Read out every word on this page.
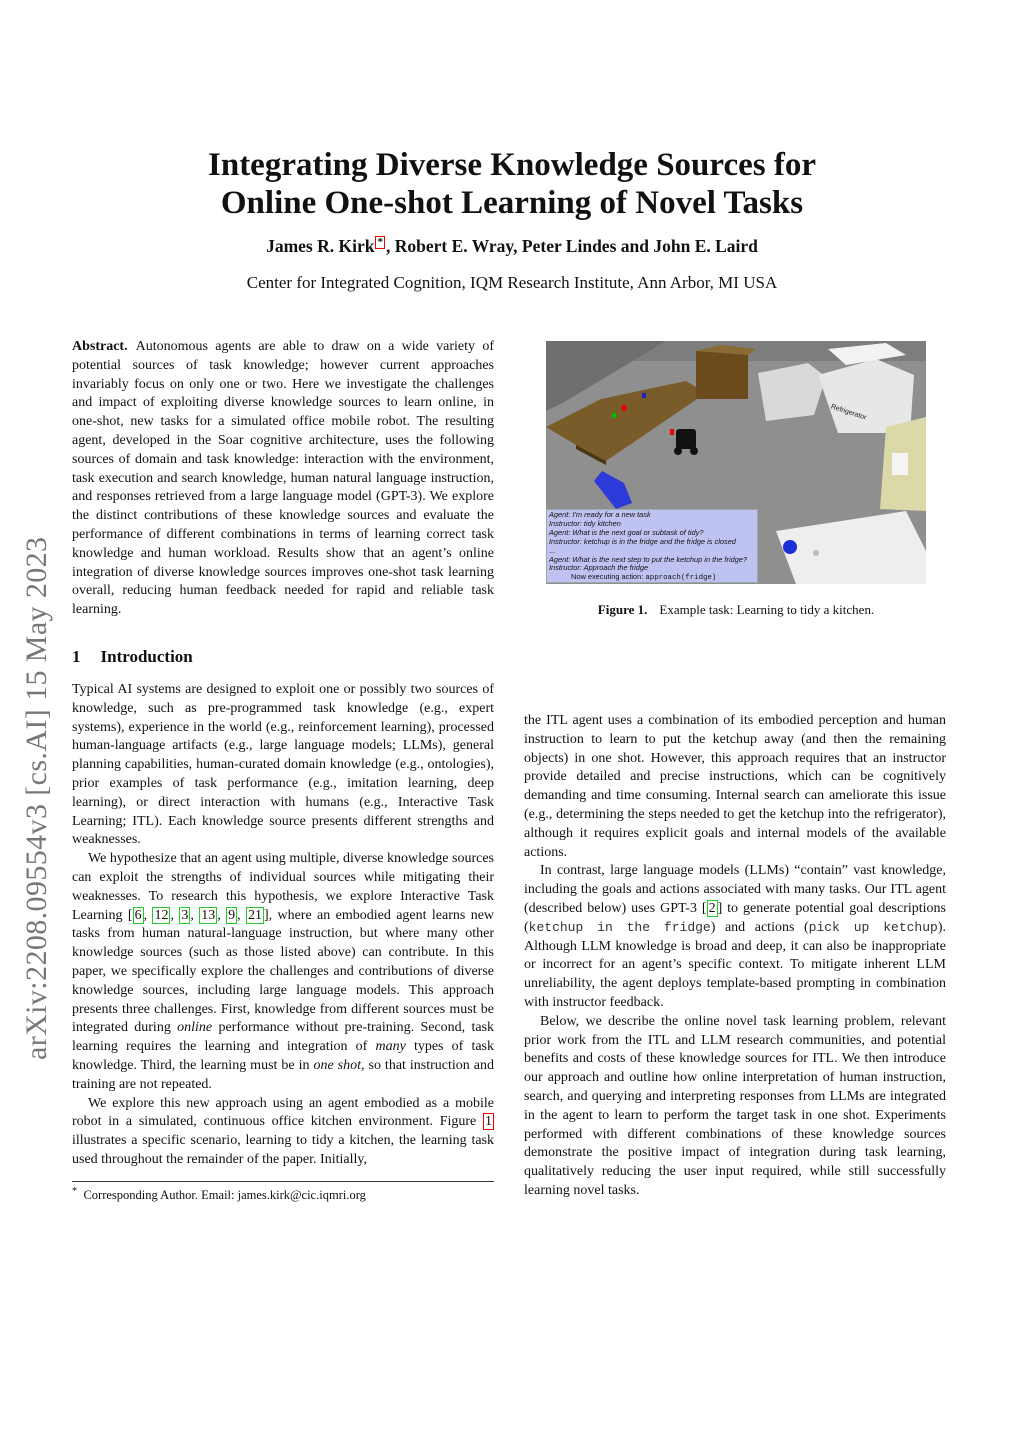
Integrating Diverse Knowledge Sources for
Online One-shot Learning of Novel Tasks
James R. Kirk * , Robert E. Wray, Peter Lindes and John E. Laird
Center for Integrated Cognition, IQM Research Institute, Ann Arbor, MI USA
arXiv:2208.09554v3 [cs.AI] 15 May 2023

Abstract. Autonomous agents are able to draw on a wide variety of potential sources of task knowledge; however current approaches invariably focus on only one or two. Here we investigate the challenges and impact of exploiting diverse knowledge sources to learn online, in one-shot, new tasks for a simulated office mobile robot. The resulting agent, developed in the Soar cognitive architecture, uses the following sources of domain and task knowledge: interaction with the environment, task execution and search knowledge, human natural language instruction, and responses retrieved from a large language model (GPT-3). We explore the distinct contributions of these knowledge sources and evaluate the performance of different combinations in terms of learning correct task knowledge and human workload. Results show that an agent’s online integration of diverse knowledge sources improves one-shot task learning overall, reducing human feedback needed for rapid and reliable task learning.

1 Introduction

Typical AI systems are designed to exploit one or possibly two sources of knowledge, such as pre-programmed task knowledge (e.g., expert systems), experience in the world (e.g., reinforcement learning), processed human-language artifacts (e.g., large language models; LLMs), general planning capabilities, human-curated domain knowledge (e.g., ontologies), prior examples of task performance (e.g., imitation learning, deep learning), or direct interaction with humans (e.g., Interactive Task Learning; ITL). Each knowledge source presents different strengths and weaknesses.

We hypothesize that an agent using multiple, diverse knowledge sources can exploit the strengths of individual sources while mitigating their weaknesses. To research this hypothesis, we explore Interactive Task Learning [ 6 , 12 , 3 , 13 , 9 , 21 ], where an embodied agent learns new tasks from human natural-language instruction, but where many other knowledge sources (such as those listed above) can contribute. In this paper, we specifically explore the challenges and contributions of diverse knowledge sources, including large language models. This approach presents three challenges. First, knowledge from different sources must be integrated during online performance without pre-training. Second, task learning requires the learning and integration of many types of task knowledge. Third, the learning must be in one shot, so that instruction and training are not repeated.

We explore this new approach using an agent embodied as a mobile robot in a simulated, continuous office kitchen environment. Figure 1 illustrates a specific scenario, learning to tidy a kitchen, the learning task used throughout the remainder of the paper. Initially,

* Corresponding Author. Email: james.kirk@cic.iqmri.org
Refrigerator
Agent: I'm ready for a new task
Instructor: tidy kitchen
Agent: What is the next goal or subtask of tidy?
Instructor: ketchup is in the fridge and the fridge is closed
...
Agent: What is the next step to put the ketchup in the fridge?
Instructor: Approach the fridge
Now executing action: approach(fridge)
Figure 1. Example task: Learning to tidy a kitchen.

the ITL agent uses a combination of its embodied perception and human instruction to learn to put the ketchup away (and then the remaining objects) in one shot. However, this approach requires that an instructor provide detailed and precise instructions, which can be cognitively demanding and time consuming. Internal search can ameliorate this issue (e.g., determining the steps needed to get the ketchup into the refrigerator), although it requires explicit goals and internal models of the available actions.

In contrast, large language models (LLMs) “contain” vast knowledge, including the goals and actions associated with many tasks. Our ITL agent (described below) uses GPT-3 [ 2 ] to generate potential goal descriptions (ketchup in the fridge) and actions (pick up ketchup). Although LLM knowledge is broad and deep, it can also be inappropriate or incorrect for an agent’s specific context. To mitigate inherent LLM unreliability, the agent deploys template-based prompting in combination with instructor feedback.

Below, we describe the online novel task learning problem, relevant prior work from the ITL and LLM research communities, and potential benefits and costs of these knowledge sources for ITL. We then introduce our approach and outline how online interpretation of human instruction, search, and querying and interpreting responses from LLMs are integrated in the agent to learn to perform the target task in one shot. Experiments performed with different combinations of these knowledge sources demonstrate the positive impact of integration during task learning, qualitatively reducing the user input required, while still successfully learning novel tasks.
